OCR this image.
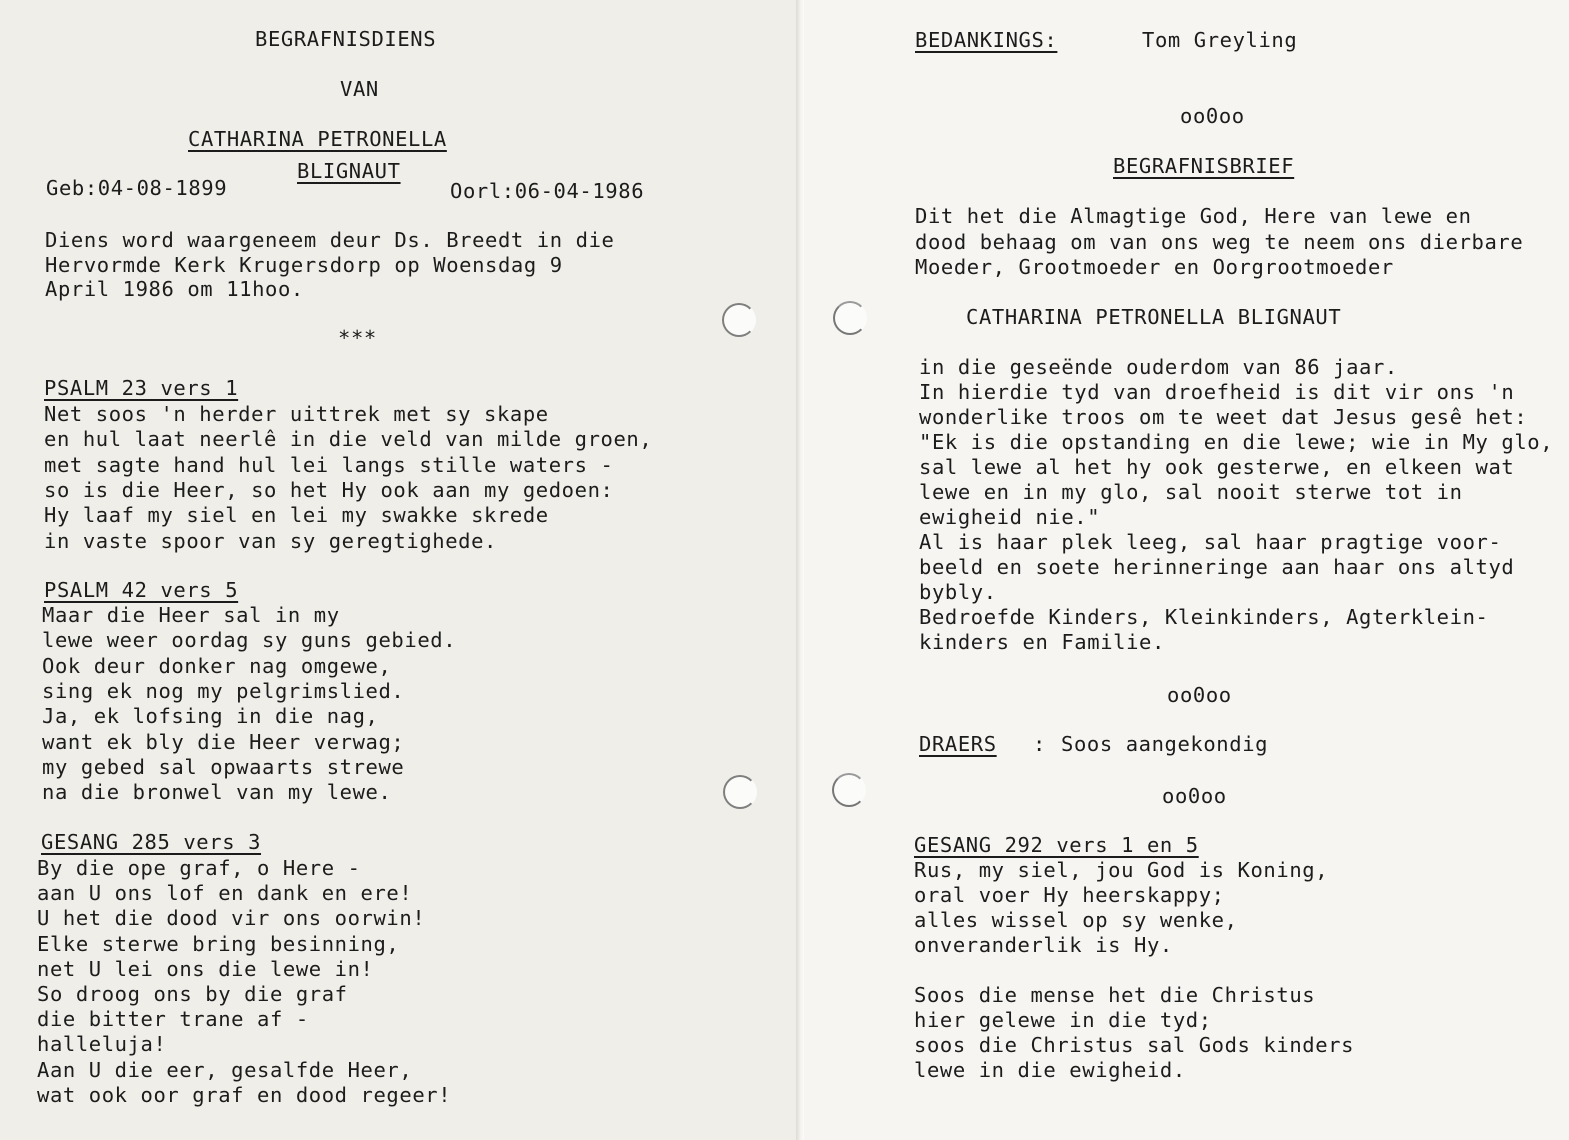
BEGRAFNISDIENS
VAN
CATHARINA PETRONELLA
BLIGNAUT
Geb:04-08-1899	Oorl:06-04-1986
Diens word waargeneem deur Ds. Breedt in die
Hervormde Kerk Krugersdorp op Woensdag 9
April 1986 om 11hoo.
***
PSALM 23 vers 1
Net soos 'n herder uittrek met sy skape
en hul laat neerlê in die veld van milde groen,
met sagte hand hul lei langs stille waters -
so is die Heer, so het Hy ook aan my gedoen:
Hy laaf my siel en lei my swakke skrede
in vaste spoor van sy geregtighede.
PSALM 42 vers 5
Maar die Heer sal in my
lewe weer oordag sy guns gebied.
Ook deur donker nag omgewe,
sing ek nog my pelgrimslied.
Ja, ek lofsing in die nag,
want ek bly die Heer verwag;
my gebed sal opwaarts strewe
na die bronwel van my lewe.
GESANG 285 vers 3
By die ope graf, o Here -
aan U ons lof en dank en ere!
U het die dood vir ons oorwin!
Elke sterwe bring besinning,
net U lei ons die lewe in!
So droog ons by die graf
die bitter trane af -
halleluja!
Aan U die eer, gesalfde Heer,
wat ook oor graf en dood regeer!
BEDANKINGS:	Tom Greyling
oo0oo
BEGRAFNISBRIEF
Dit het die Almagtige God, Here van lewe en
dood behaag om van ons weg te neem ons dierbare
Moeder, Grootmoeder en Oorgrootmoeder
CATHARINA PETRONELLA BLIGNAUT
in die geseënde ouderdom van 86 jaar.
In hierdie tyd van droefheid is dit vir ons 'n
wonderlike troos om te weet dat Jesus gesê het:
"Ek is die opstanding en die lewe; wie in My glo,
sal lewe al het hy ook gesterwe, en elkeen wat
lewe en in my glo, sal nooit sterwe tot in
ewigheid nie."
Al is haar plek leeg, sal haar pragtige voor-
beeld en soete herinneringe aan haar ons altyd
bybly.
Bedroefde Kinders, Kleinkinders, Agterklein-
kinders en Familie.
oo0oo
DRAERS : Soos aangekondig
oo0oo
GESANG 292 vers 1 en 5
Rus, my siel, jou God is Koning,
oral voer Hy heerskappy;
alles wissel op sy wenke,
onveranderlik is Hy.
Soos die mense het die Christus
hier gelewe in die tyd;
soos die Christus sal Gods kinders
lewe in die ewigheid.
